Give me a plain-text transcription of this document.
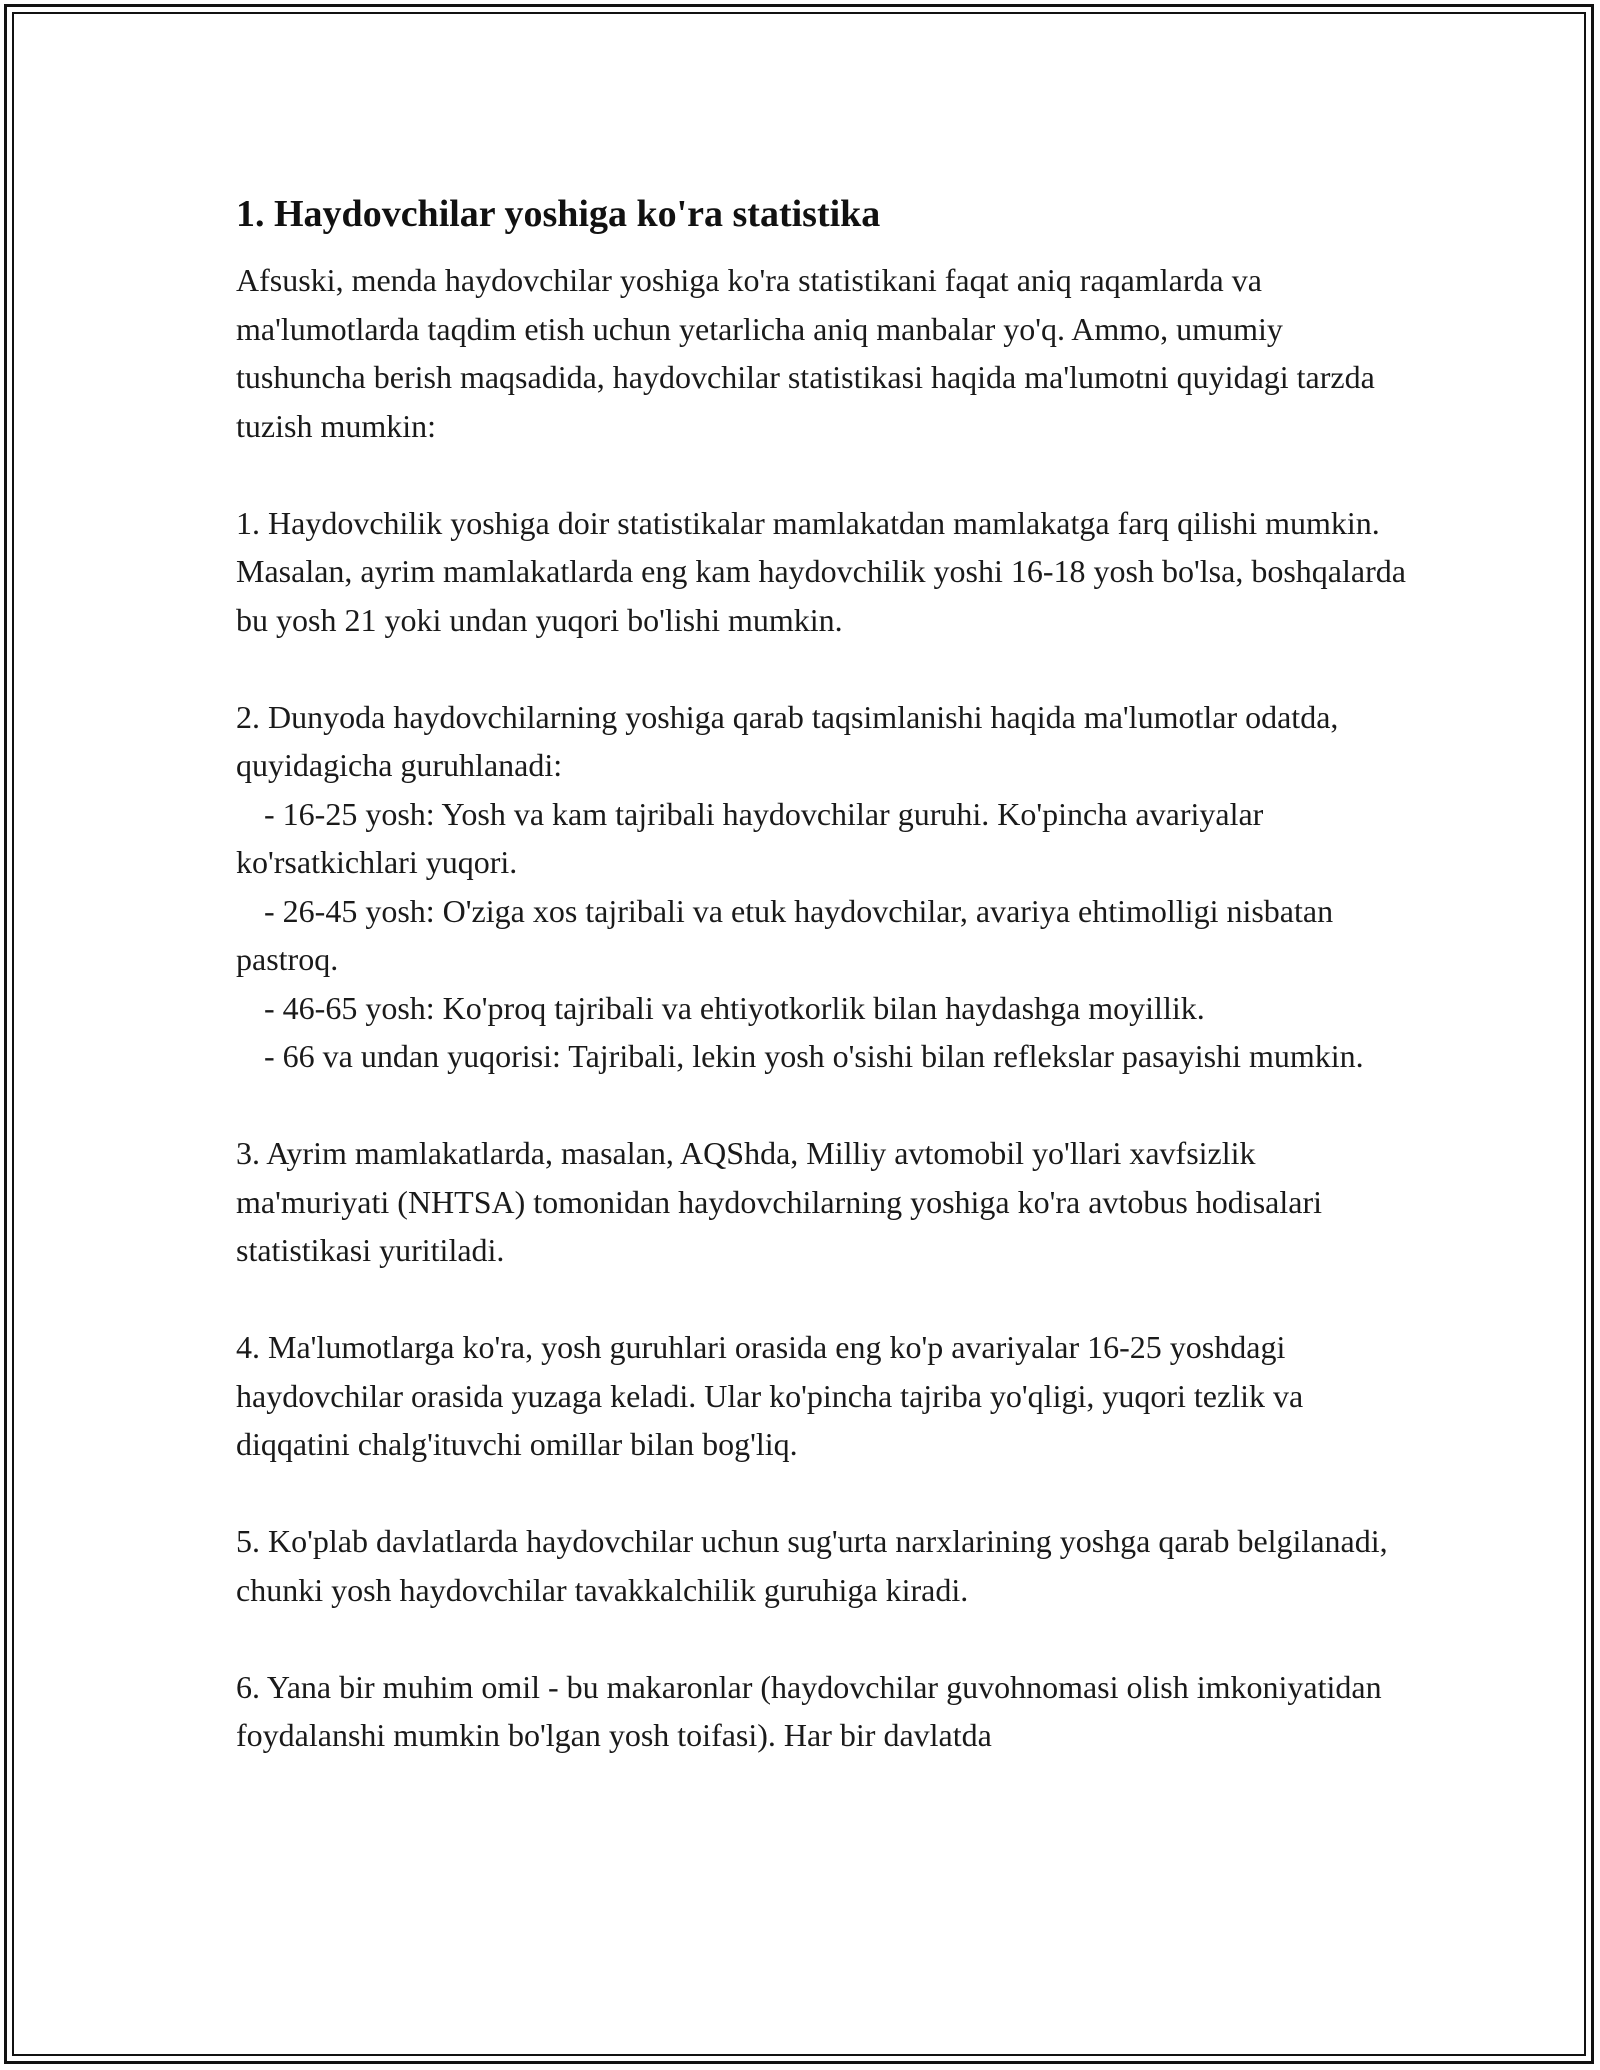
1. Haydovchilar yoshiga ko'ra statistika

Afsuski, menda haydovchilar yoshiga ko'ra statistikani faqat aniq raqamlarda va ma'lumotlarda taqdim etish uchun yetarlicha aniq manbalar yo'q. Ammo, umumiy tushuncha berish maqsadida, haydovchilar statistikasi haqida ma'lumotni quyidagi tarzda tuzish mumkin:

1. Haydovchilik yoshiga doir statistikalar mamlakatdan mamlakatga farq qilishi mumkin. Masalan, ayrim mamlakatlarda eng kam haydovchilik yoshi 16-18 yosh bo'lsa, boshqalarda bu yosh 21 yoki undan yuqori bo'lishi mumkin.

2. Dunyoda haydovchilarning yoshiga qarab taqsimlanishi haqida ma'lumotlar odatda, quyidagicha guruhlanadi:
- 16-25 yosh: Yosh va kam tajribali haydovchilar guruhi. Ko'pincha avariyalar ko'rsatkichlari yuqori.
- 26-45 yosh: O'ziga xos tajribali va etuk haydovchilar, avariya ehtimolligi nisbatan pastroq.
- 46-65 yosh: Ko'proq tajribali va ehtiyotkorlik bilan haydashga moyillik.
- 66 va undan yuqorisi: Tajribali, lekin yosh o'sishi bilan reflekslar pasayishi mumkin.

3. Ayrim mamlakatlarda, masalan, AQShda, Milliy avtomobil yo'llari xavfsizlik ma'muriyati (NHTSA) tomonidan haydovchilarning yoshiga ko'ra avtobus hodisalari statistikasi yuritiladi.

4. Ma'lumotlarga ko'ra, yosh guruhlari orasida eng ko'p avariyalar 16-25 yoshdagi haydovchilar orasida yuzaga keladi. Ular ko'pincha tajriba yo'qligi, yuqori tezlik va diqqatini chalg'ituvchi omillar bilan bog'liq.

5. Ko'plab davlatlarda haydovchilar uchun sug'urta narxlarining yoshga qarab belgilanadi, chunki yosh haydovchilar tavakkalchilik guruhiga kiradi.

6. Yana bir muhim omil - bu makaronlar (haydovchilar guvohnomasi olish imkoniyatidan foydalanshi mumkin bo'lgan yosh toifasi). Har bir davlatda
